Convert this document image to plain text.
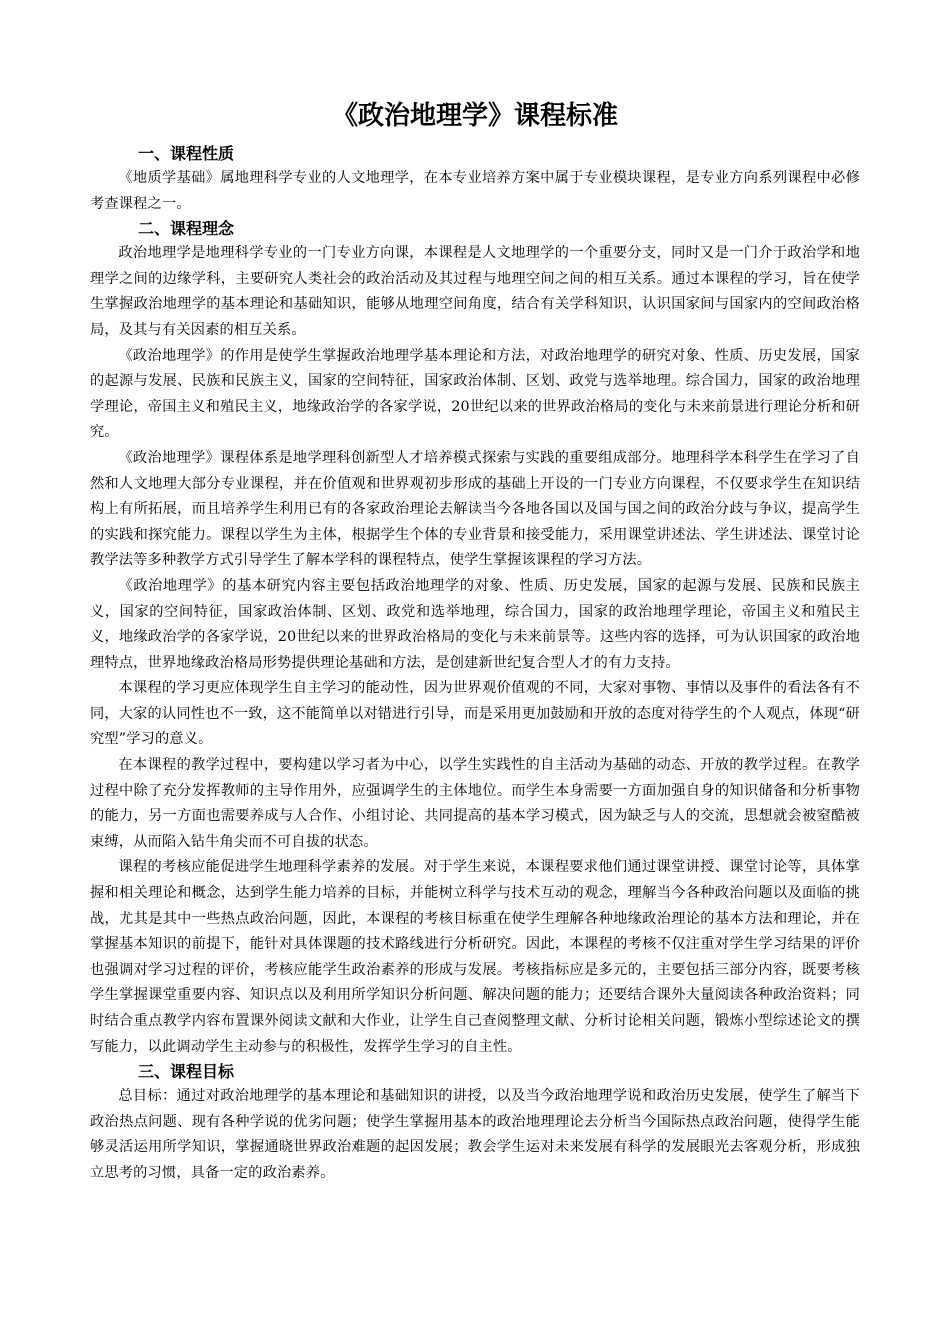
《政治地理学》课程标准
一、课程性质

《地质学基础》属地理科学专业的人文地理学，在本专业培养方案中属于专业模块课程，是专业方向系列课程中必修考查课程之一。

二、课程理念

政治地理学是地理科学专业的一门专业方向课，本课程是人文地理学的一个重要分支，同时又是一门介于政治学和地理学之间的边缘学科，主要研究人类社会的政治活动及其过程与地理空间之间的相互关系。通过本课程的学习，旨在使学生掌握政治地理学的基本理论和基础知识，能够从地理空间角度，结合有关学科知识，认识国家间与国家内的空间政治格局，及其与有关因素的相互关系。

《政治地理学》的作用是使学生掌握政治地理学基本理论和方法，对政治地理学的研究对象、性质、历史发展，国家的起源与发展、民族和民族主义，国家的空间特征，国家政治体制、区划、政党与选举地理。综合国力，国家的政治地理学理论，帝国主义和殖民主义，地缘政治学的各家学说，20世纪以来的世界政治格局的变化与未来前景进行理论分析和研究。

《政治地理学》课程体系是地学理科创新型人才培养模式探索与实践的重要组成部分。地理科学本科学生在学习了自然和人文地理大部分专业课程，并在价值观和世界观初步形成的基础上开设的一门专业方向课程，不仅要求学生在知识结构上有所拓展，而且培养学生利用已有的各家政治理论去解读当今各地各国以及国与国之间的政治分歧与争议，提高学生的实践和探究能力。课程以学生为主体，根据学生个体的专业背景和接受能力，采用课堂讲述法、学生讲述法、课堂讨论教学法等多种教学方式引导学生了解本学科的课程特点，使学生掌握该课程的学习方法。

《政治地理学》的基本研究内容主要包括政治地理学的对象、性质、历史发展，国家的起源与发展、民族和民族主义，国家的空间特征，国家政治体制、区划、政党和选举地理，综合国力，国家的政治地理学理论，帝国主义和殖民主义，地缘政治学的各家学说，20世纪以来的世界政治格局的变化与未来前景等。这些内容的选择，可为认识国家的政治地理特点，世界地缘政治格局形势提供理论基础和方法，是创建新世纪复合型人才的有力支持。

本课程的学习更应体现学生自主学习的能动性，因为世界观价值观的不同，大家对事物、事情以及事件的看法各有不同，大家的认同性也不一致，这不能简单以对错进行引导，而是采用更加鼓励和开放的态度对待学生的个人观点，体现“研究型”学习的意义。

在本课程的教学过程中，要构建以学习者为中心，以学生实践性的自主活动为基础的动态、开放的教学过程。在教学过程中除了充分发挥教师的主导作用外，应强调学生的主体地位。而学生本身需要一方面加强自身的知识储备和分析事物的能力，另一方面也需要养成与人合作、小组讨论、共同提高的基本学习模式，因为缺乏与人的交流，思想就会被窒酷被束缚，从而陷入钻牛角尖而不可自拔的状态。

课程的考核应能促进学生地理科学素养的发展。对于学生来说，本课程要求他们通过课堂讲授、课堂讨论等，具体掌握和相关理论和概念，达到学生能力培养的目标，并能树立科学与技术互动的观念，理解当今各种政治问题以及面临的挑战，尤其是其中一些热点政治问题，因此，本课程的考核目标重在使学生理解各种地缘政治理论的基本方法和理论，并在掌握基本知识的前提下，能针对具体课题的技术路线进行分析研究。因此，本课程的考核不仅注重对学生学习结果的评价也强调对学习过程的评价，考核应能学生政治素养的形成与发展。考核指标应是多元的，主要包括三部分内容，既要考核学生掌握课堂重要内容、知识点以及利用所学知识分析问题、解决问题的能力；还要结合课外大量阅读各种政治资料；同时结合重点教学内容布置课外阅读文献和大作业，让学生自己查阅整理文献、分析讨论相关问题，锻炼小型综述论文的撰写能力，以此调动学生主动参与的积极性，发挥学生学习的自主性。

三、课程目标

总目标：通过对政治地理学的基本理论和基础知识的讲授，以及当今政治地理学说和政治历史发展，使学生了解当下政治热点问题、现有各种学说的优劣问题；使学生掌握用基本的政治地理理论去分析当今国际热点政治问题，使得学生能够灵活运用所学知识，掌握通晓世界政治难题的起因发展；教会学生运对未来发展有科学的发展眼光去客观分析，形成独立思考的习惯，具备一定的政治素养。
